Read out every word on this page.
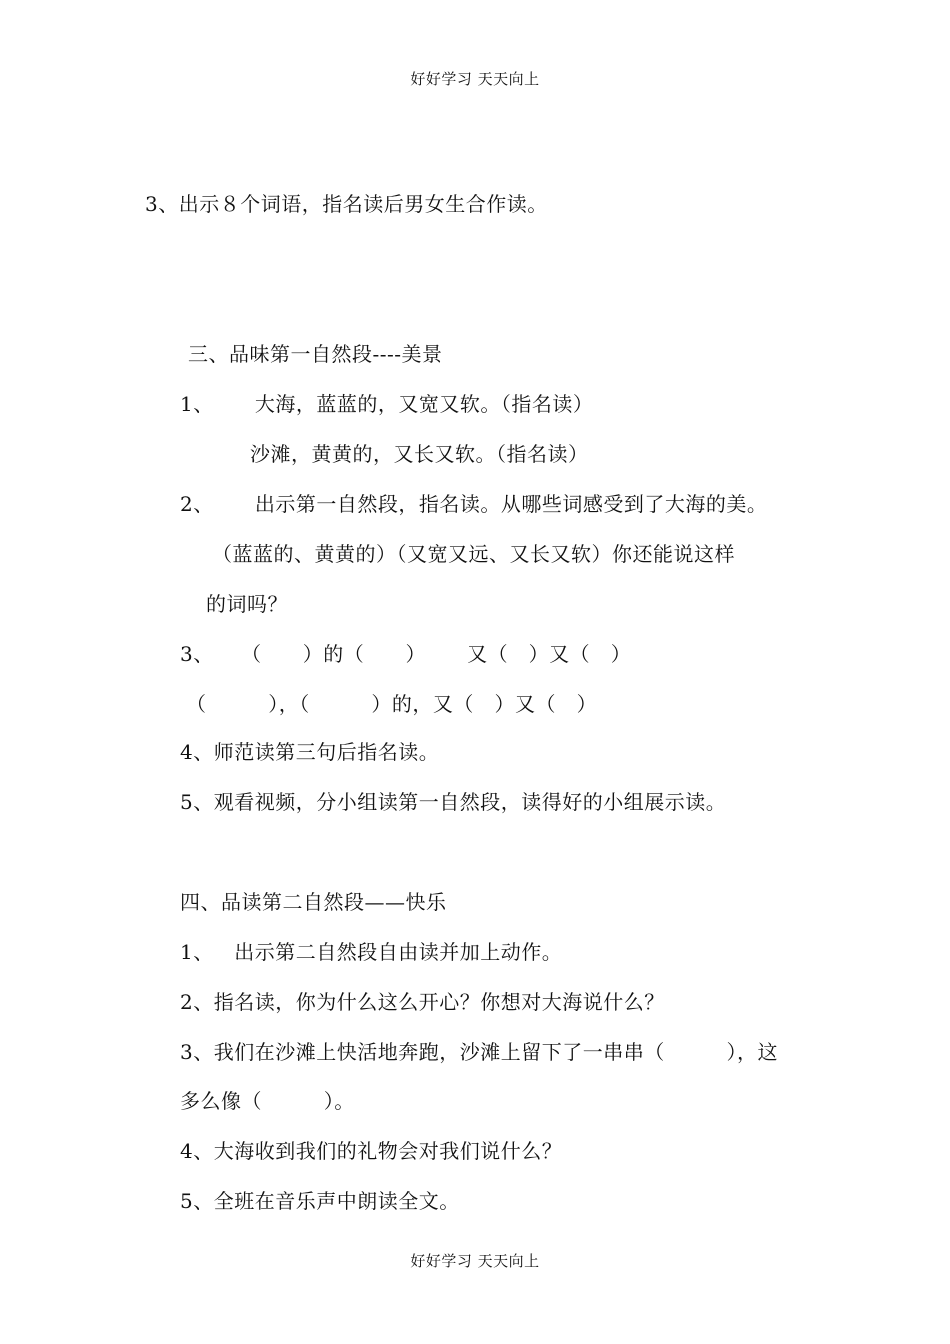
好好学习 天天向上
3、出示８个词语，指名读后男女生合作读。
三、品味第一自然段----美景
1、      大海，蓝蓝的，又宽又软。（指名读）
沙滩，黄黄的，又长又软。（指名读）
2、      出示第一自然段，指名读。从哪些词感受到了大海的美。
（蓝蓝的、黄黄的）（又宽又远、又长又软）你还能说这样
的词吗？
3、    （      ）的（      ）      又（   ）又（   ）
（         ），（         ）的，又（   ）又（   ）
4、师范读第三句后指名读。
5、观看视频，分小组读第一自然段，读得好的小组展示读。
四、品读第二自然段——快乐
1、   出示第二自然段自由读并加上动作。
2、指名读，你为什么这么开心？你想对大海说什么？
3、我们在沙滩上快活地奔跑，沙滩上留下了一串串（         ），这
多么像（         ）。
4、大海收到我们的礼物会对我们说什么？
5、全班在音乐声中朗读全文。
好好学习 天天向上
